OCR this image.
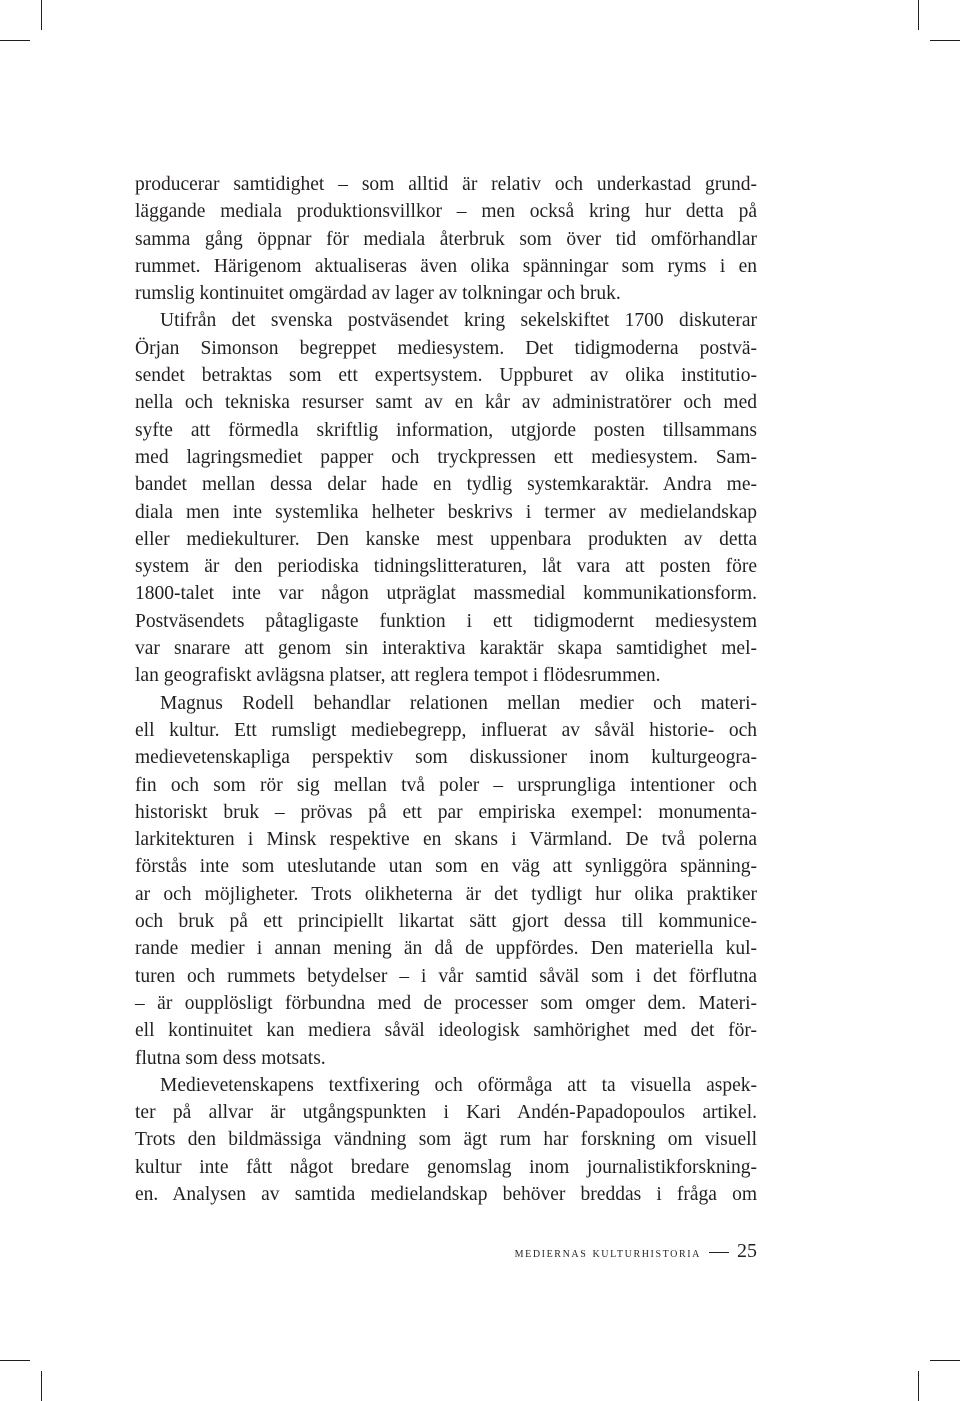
producerar samtidighet – som alltid är relativ och underkastad grund-
läggande mediala produktionsvillkor – men också kring hur detta på
samma gång öppnar för mediala återbruk som över tid omförhandlar
rummet. Härigenom aktualiseras även olika spänningar som ryms i en
rumslig kontinuitet omgärdad av lager av tolkningar och bruk.
Utifrån det svenska postväsendet kring sekelskiftet 1700 diskuterar
Örjan Simonson begreppet mediesystem. Det tidigmoderna postvä-
sendet betraktas som ett expertsystem. Uppburet av olika institutio-
nella och tekniska resurser samt av en kår av administratörer och med
syfte att förmedla skriftlig information, utgjorde posten tillsammans
med lagringsmediet papper och tryckpressen ett mediesystem. Sam-
bandet mellan dessa delar hade en tydlig systemkaraktär. Andra me-
diala men inte systemlika helheter beskrivs i termer av medielandskap
eller mediekulturer. Den kanske mest uppenbara produkten av detta
system är den periodiska tidningslitteraturen, låt vara att posten före
1800-talet inte var någon utpräglat massmedial kommunikationsform.
Postväsendets påtagligaste funktion i ett tidigmodernt mediesystem
var snarare att genom sin interaktiva karaktär skapa samtidighet mel-
lan geografiskt avlägsna platser, att reglera tempot i flödesrummen.
Magnus Rodell behandlar relationen mellan medier och materi-
ell kultur. Ett rumsligt mediebegrepp, influerat av såväl historie- och
medievetenskapliga perspektiv som diskussioner inom kulturgeogra-
fin och som rör sig mellan två poler – ursprungliga intentioner och
historiskt bruk – prövas på ett par empiriska exempel: monumenta-
larkitekturen i Minsk respektive en skans i Värmland. De två polerna
förstås inte som uteslutande utan som en väg att synliggöra spänning-
ar och möjligheter. Trots olikheterna är det tydligt hur olika praktiker
och bruk på ett principiellt likartat sätt gjort dessa till kommunice-
rande medier i annan mening än då de uppfördes. Den materiella kul-
turen och rummets betydelser – i vår samtid såväl som i det förflutna
– är oupplösligt förbundna med de processer som omger dem. Materi-
ell kontinuitet kan mediera såväl ideologisk samhörighet med det för-
flutna som dess motsats.
Medievetenskapens textfixering och oförmåga att ta visuella aspek-
ter på allvar är utgångspunkten i Kari Andén-Papadopoulos artikel.
Trots den bildmässiga vändning som ägt rum har forskning om visuell
kultur inte fått något bredare genomslag inom journalistikforskning-
en. Analysen av samtida medielandskap behöver breddas i fråga om
mediernas kulturhistoria 25
